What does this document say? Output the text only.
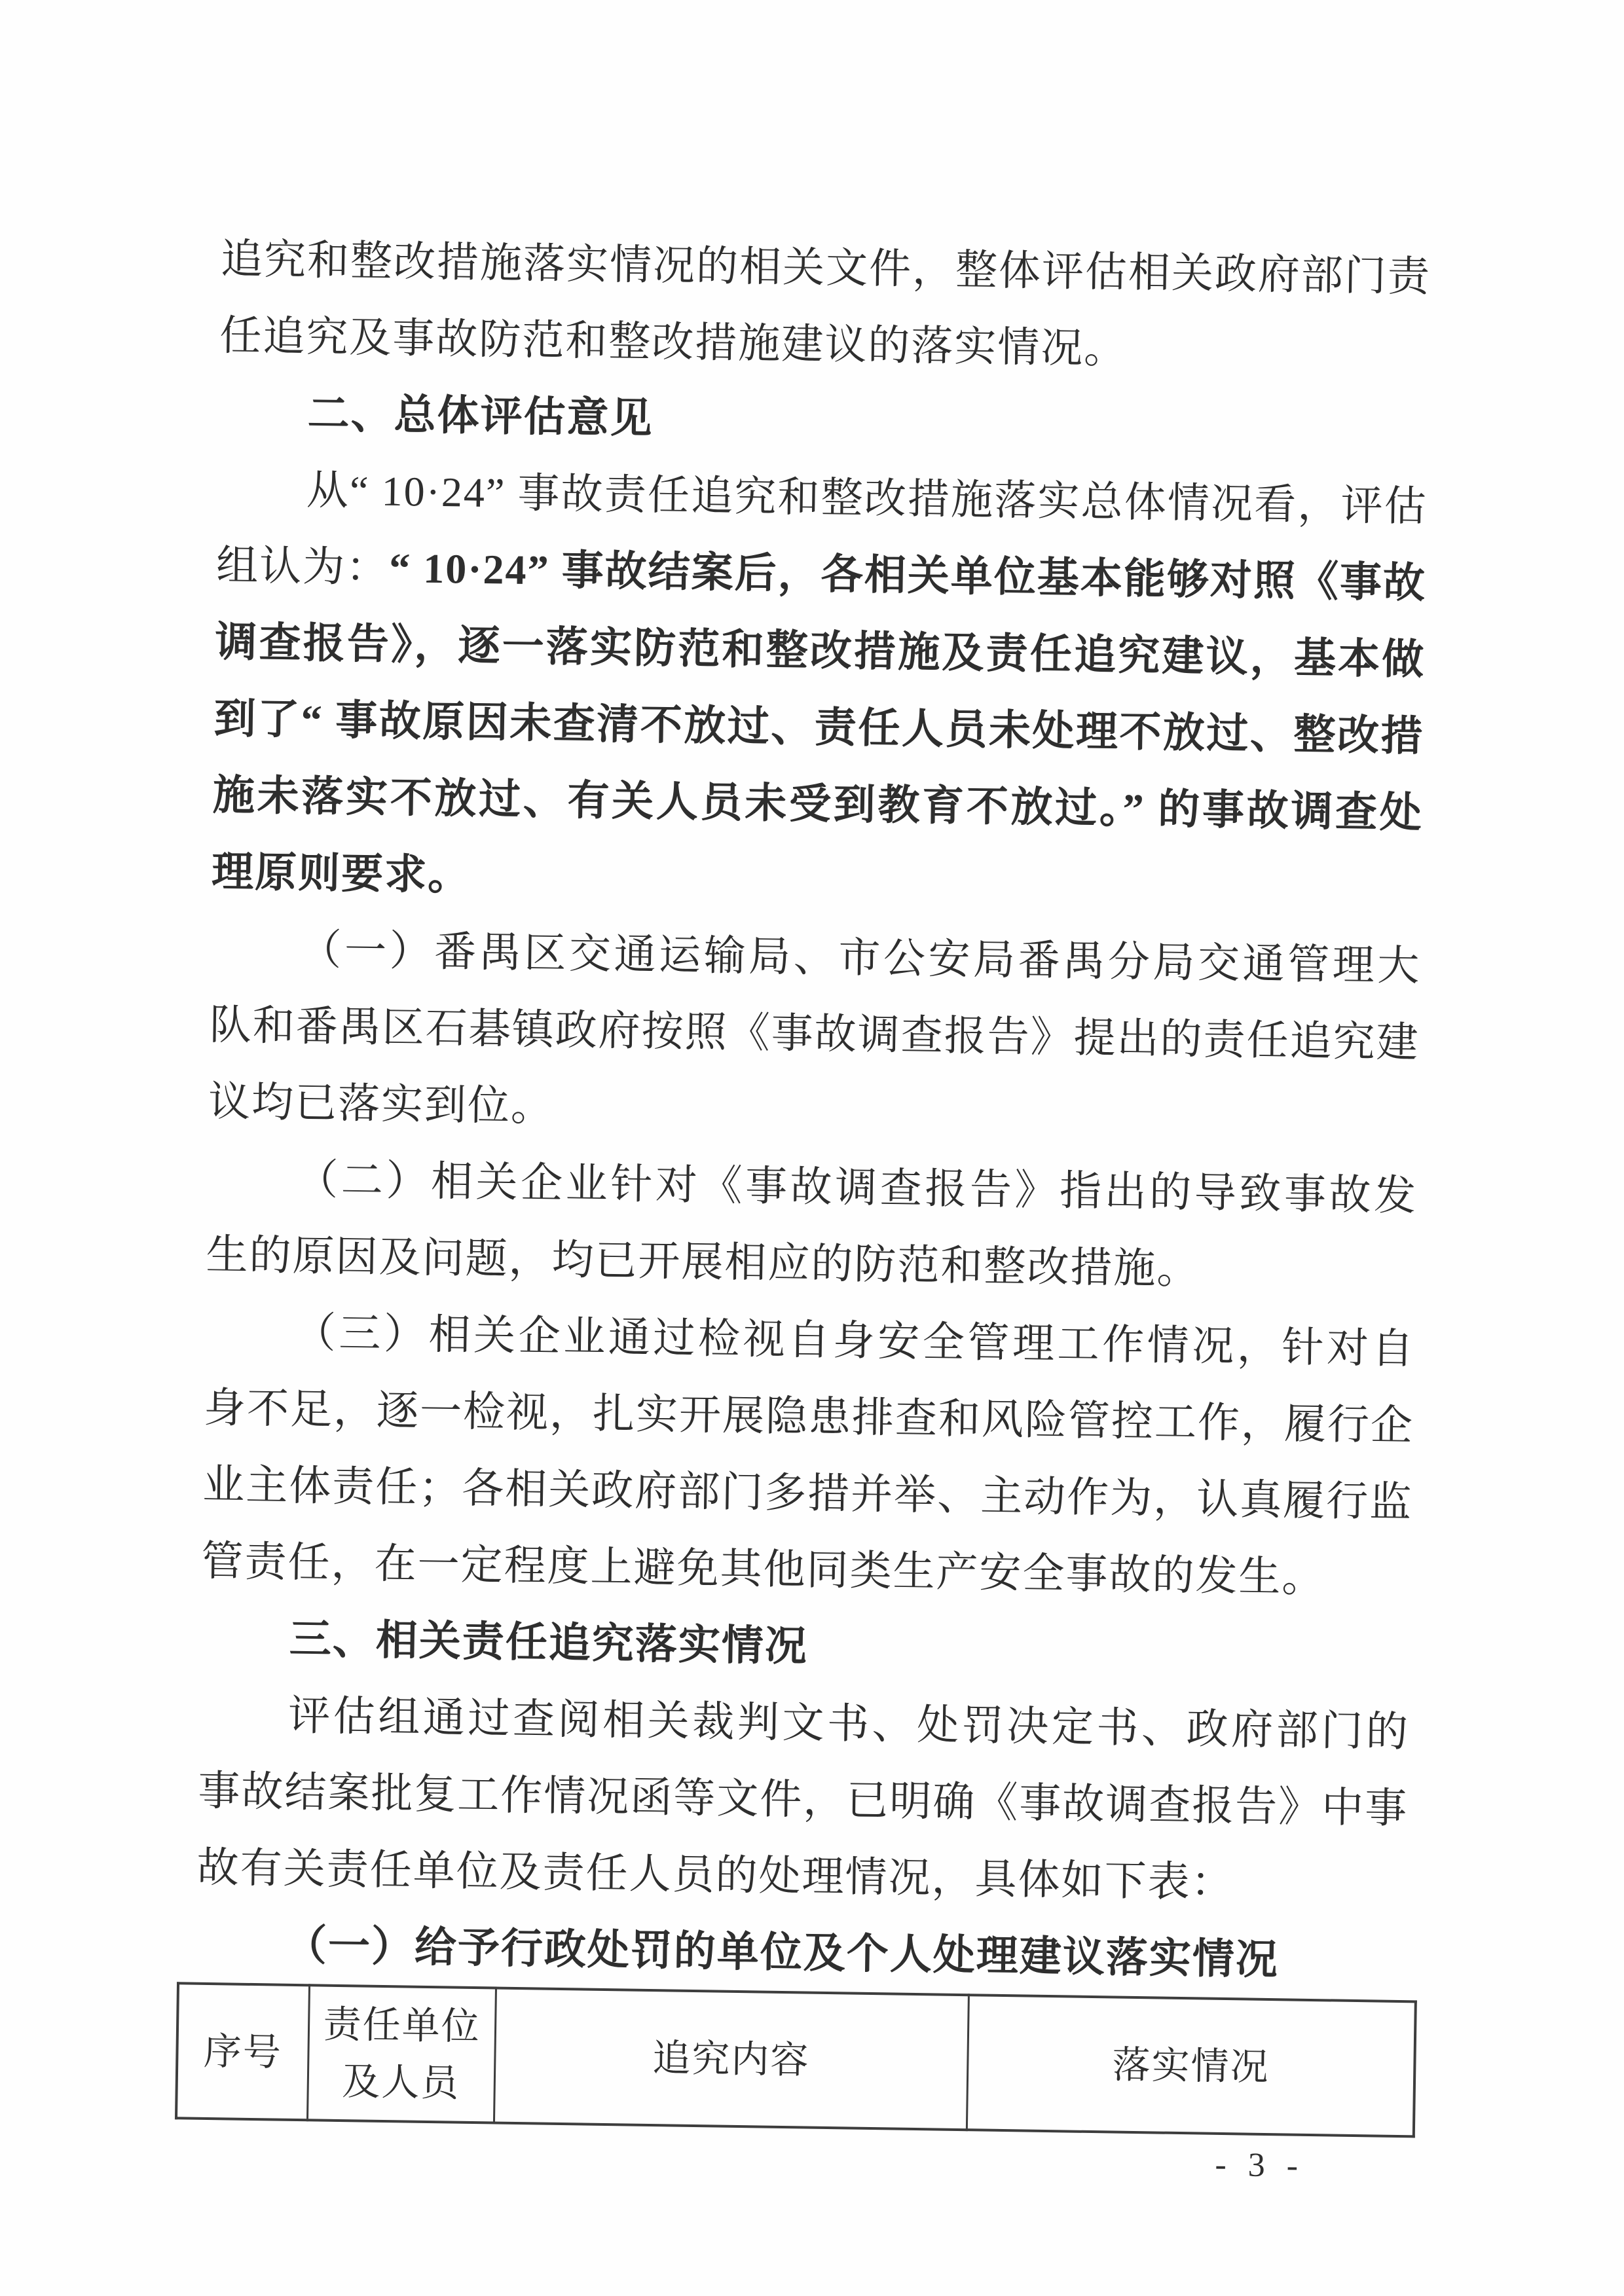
追究和整改措施落实情况的相关文件，整体评估相关政府部门责任追究及事故防范和整改措施建议的落实情况。
二、总体评估意见
从“ 10·24” 事故责任追究和整改措施落实总体情况看，评估组认为：“ 10·24” 事故结案后，各相关单位基本能够对照《事故调查报告》，逐一落实防范和整改措施及责任追究建议，基本做到了“ 事故原因未查清不放过、责任人员未处理不放过、整改措施未落实不放过、有关人员未受到教育不放过。” 的事故调查处理原则要求。
（一）番禺区交通运输局、市公安局番禺分局交通管理大队和番禺区石碁镇政府按照《事故调查报告》提出的责任追究建议均已落实到位。
（二）相关企业针对《事故调查报告》指出的导致事故发生的原因及问题，均已开展相应的防范和整改措施。
（三）相关企业通过检视自身安全管理工作情况，针对自身不足，逐一检视，扎实开展隐患排查和风险管控工作，履行企业主体责任；各相关政府部门多措并举、主动作为，认真履行监管责任，在一定程度上避免其他同类生产安全事故的发生。
三、相关责任追究落实情况
评估组通过查阅相关裁判文书、处罚决定书、政府部门的事故结案批复工作情况函等文件，已明确《事故调查报告》中事故有关责任单位及责任人员的处理情况，具体如下表：
（一）给予行政处罚的单位及个人处理建议落实情况
序号	责任单位及人员	追究内容	落实情况
- 3 -
